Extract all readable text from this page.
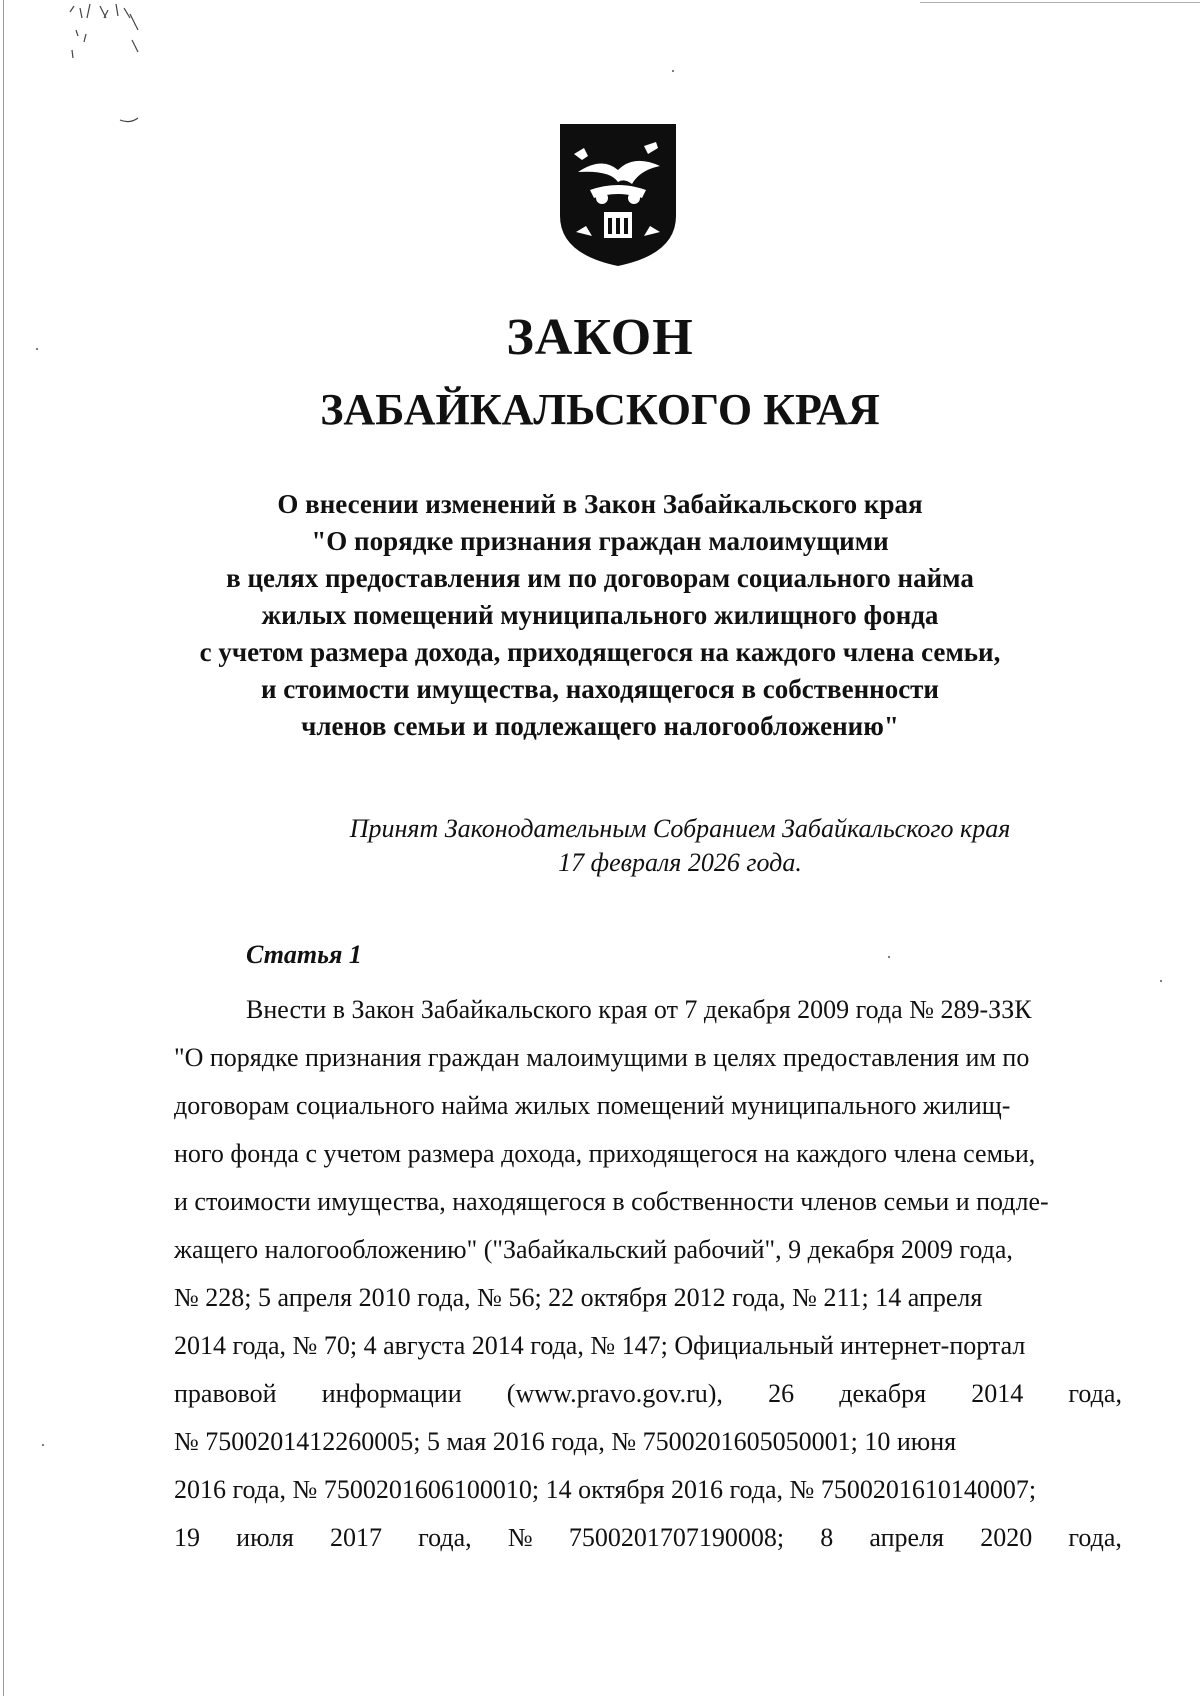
ЗАКОН
ЗАБАЙКАЛЬСКОГО КРАЯ
О внесении изменений в Закон Забайкальского края
"О порядке признания граждан малоимущими
в целях предоставления им по договорам социального найма
жилых помещений муниципального жилищного фонда
с учетом размера дохода, приходящегося на каждого члена семьи,
и стоимости имущества, находящегося в собственности
членов семьи и подлежащего налогообложению"
Принят Законодательным Собранием Забайкальского края
17 февраля 2026 года.
Статья 1
Внести в Закон Забайкальского края от 7 декабря 2009 года № 289-ЗЗК
"О порядке признания граждан малоимущими в целях предоставления им по
договорам социального найма жилых помещений муниципального жилищ-
ного фонда с учетом размера дохода, приходящегося на каждого члена семьи,
и стоимости имущества, находящегося в собственности членов семьи и подле-
жащего налогообложению" ("Забайкальский рабочий", 9 декабря 2009 года,
№ 228; 5 апреля 2010 года, № 56; 22 октября 2012 года, № 211; 14 апреля
2014 года, № 70; 4 августа 2014 года, № 147; Официальный интернет-портал
правовой информации (www.pravo.gov.ru), 26 декабря 2014 года,
№ 7500201412260005; 5 мая 2016 года, № 7500201605050001; 10 июня
2016 года, № 7500201606100010; 14 октября 2016 года, № 7500201610140007;
19 июля 2017 года, № 7500201707190008; 8 апреля 2020 года,
